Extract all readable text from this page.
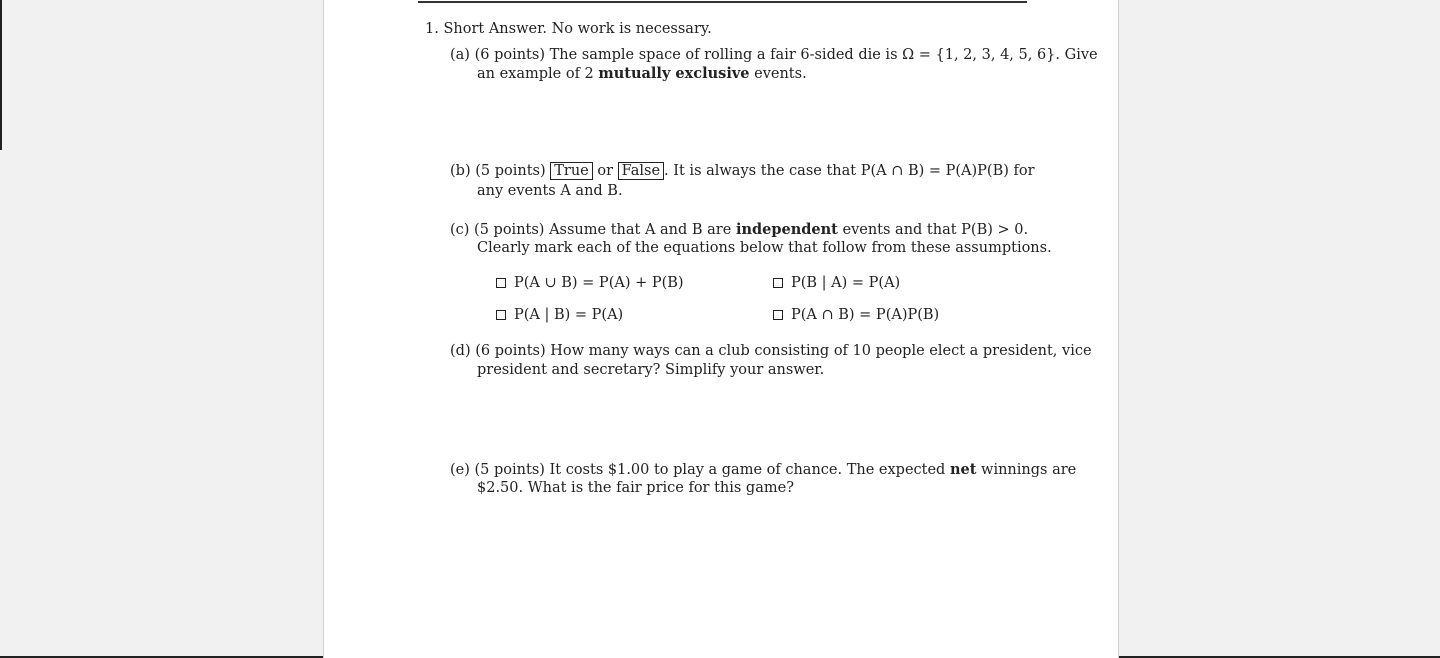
1. Short Answer. No work is necessary.
(a) (6 points) The sample space of rolling a fair 6-sided die is Ω = {1, 2, 3, 4, 5, 6}. Give
an example of 2 mutually exclusive events.
(b) (5 points) True or False . It is always the case that P(A ∩ B) = P(A)P(B) for
any events A and B.
(c) (5 points) Assume that A and B are independent events and that P(B) > 0.
Clearly mark each of the equations below that follow from these assumptions.
P(A ∪ B) = P(A) + P(B)	P(B | A) = P(A)
P(A | B) = P(A)	P(A ∩ B) = P(A)P(B)
(d) (6 points) How many ways can a club consisting of 10 people elect a president, vice
president and secretary? Simplify your answer.
(e) (5 points) It costs $1.00 to play a game of chance. The expected net winnings are
$2.50. What is the fair price for this game?
